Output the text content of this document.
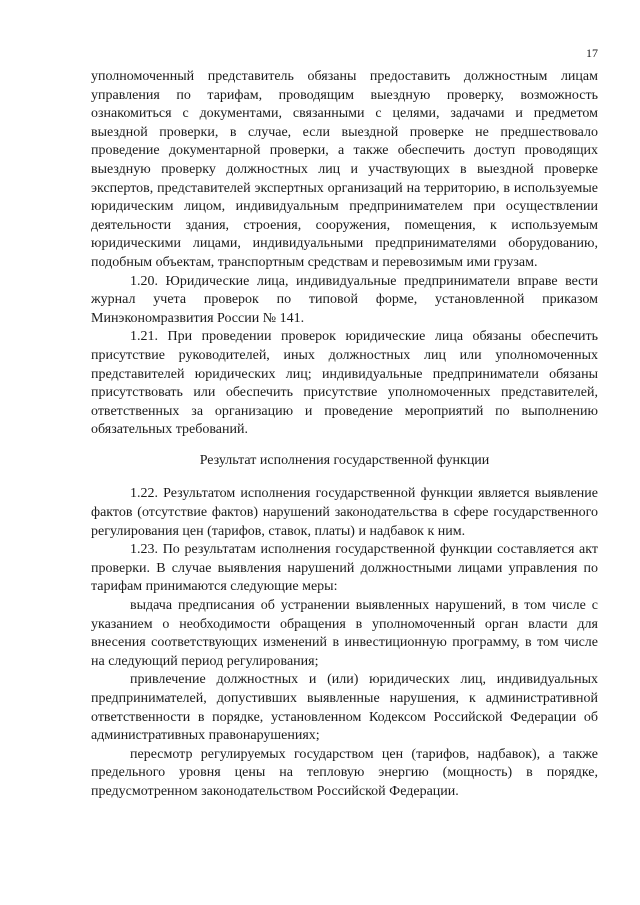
17

уполномоченный представитель обязаны предоставить должностным лицам управления по тарифам, проводящим выездную проверку, возможность ознакомиться с документами, связанными с целями, задачами и предметом выездной проверки, в случае, если выездной проверке не предшествовало проведение документарной проверки, а также обеспечить доступ проводящих выездную проверку должностных лиц и участвующих в выездной проверке экспертов, представителей экспертных организаций на территорию, в используемые юридическим лицом, индивидуальным предпринимателем при осуществлении деятельности здания, строения, сооружения, помещения, к используемым юридическими лицами, индивидуальными предпринимателями оборудованию, подобным объектам, транспортным средствам и перевозимым ими грузам.

1.20. Юридические лица, индивидуальные предприниматели вправе вести журнал учета проверок по типовой форме, установленной приказом Минэкономразвития России № 141.

1.21. При проведении проверок юридические лица обязаны обеспечить присутствие руководителей, иных должностных лиц или уполномоченных представителей юридических лиц; индивидуальные предприниматели обязаны присутствовать или обеспечить присутствие уполномоченных представителей, ответственных за организацию и проведение мероприятий по выполнению обязательных требований.

Результат исполнения государственной функции

1.22. Результатом исполнения государственной функции является выявление фактов (отсутствие фактов) нарушений законодательства в сфере государственного регулирования цен (тарифов, ставок, платы) и надбавок к ним.

1.23. По результатам исполнения государственной функции составляется акт проверки. В случае выявления нарушений должностными лицами управления по тарифам принимаются следующие меры:

выдача предписания об устранении выявленных нарушений, в том числе с указанием о необходимости обращения в уполномоченный орган власти для внесения соответствующих изменений в инвестиционную программу, в том числе на следующий период регулирования;

привлечение должностных и (или) юридических лиц, индивидуальных предпринимателей, допустивших выявленные нарушения, к административной ответственности в порядке, установленном Кодексом Российской Федерации об административных правонарушениях;

пересмотр регулируемых государством цен (тарифов, надбавок), а также предельного уровня цены на тепловую энергию (мощность) в порядке, предусмотренном законодательством Российской Федерации.
